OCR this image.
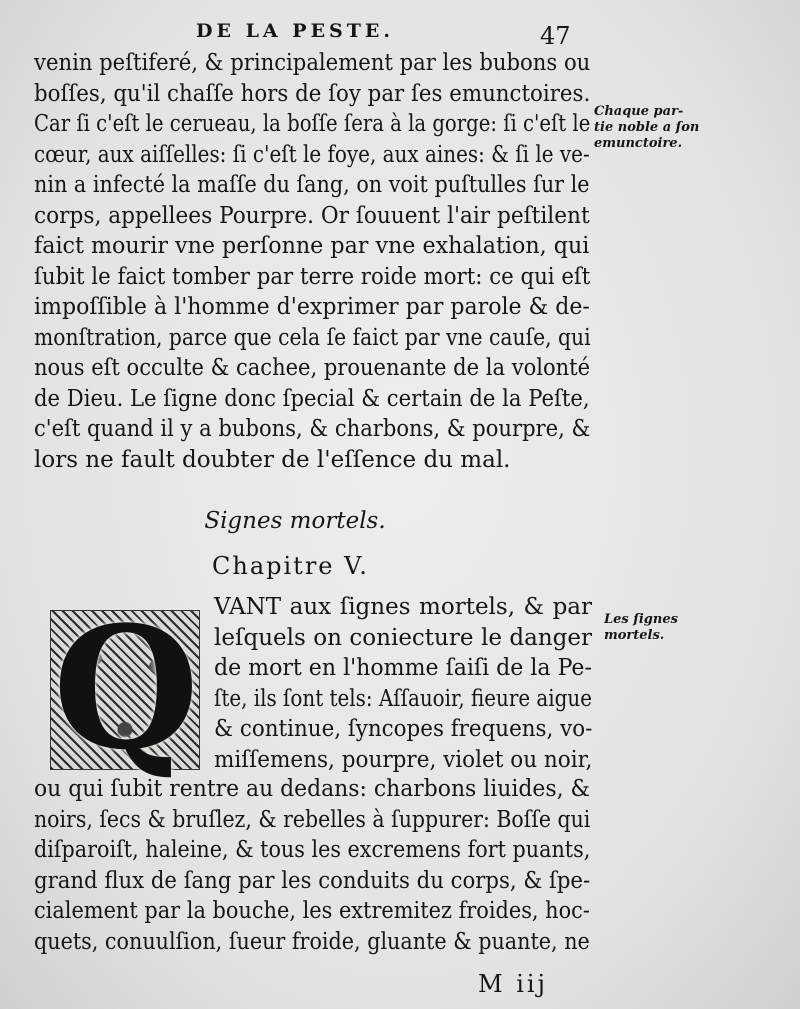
DE LA PESTE.	47
venin peſtiferé, & principalement par les bubons ou
boſſes, qu'il chaſſe hors de ſoy par ſes emunctoires.
Car ſi c'eſt le cerueau, la boſſe ſera à la gorge: ſi c'eſt le
cœur, aux aiſſelles: ſi c'eſt le foye, aux aines: & ſi le ve-
nin a infecté la maſſe du ſang, on voit puſtulles ſur le
corps, appellees Pourpre. Or ſouuent l'air peſtilent
faict mourir vne perſonne par vne exhalation, qui
ſubit le faict tomber par terre roide mort: ce qui eſt
impoſſible à l'homme d'exprimer par parole & de-
monſtration, parce que cela ſe faict par vne cauſe, qui
nous eſt occulte & cachee, prouenante de la volonté
de Dieu. Le ſigne donc ſpecial & certain de la Peſte,
c'eſt quand il y a bubons, & charbons, & pourpre, &
lors ne fault doubter de l'eſſence du mal.
Chaque par-
tie noble a ſon
emunctoire.
Signes mortels.
Chapitre V.
Q VANT aux ſignes mortels, & par
leſquels on coniecture le danger
de mort en l'homme ſaiſi de la Pe-
ſte, ils ſont tels: Aſſauoir, fieure aigue
& continue, ſyncopes frequens, vo-
miſſemens, pourpre, violet ou noir,
Les ſignes
mortels.
ou qui ſubit rentre au dedans: charbons liuides, &
noirs, ſecs & bruſlez, & rebelles à ſuppurer: Boſſe qui
diſparoiſt, haleine, & tous les excremens fort puants,
grand flux de ſang par les conduits du corps, & ſpe-
cialement par la bouche, les extremitez froides, hoc-
quets, conuulſion, ſueur froide, gluante & puante, ne
M iij
